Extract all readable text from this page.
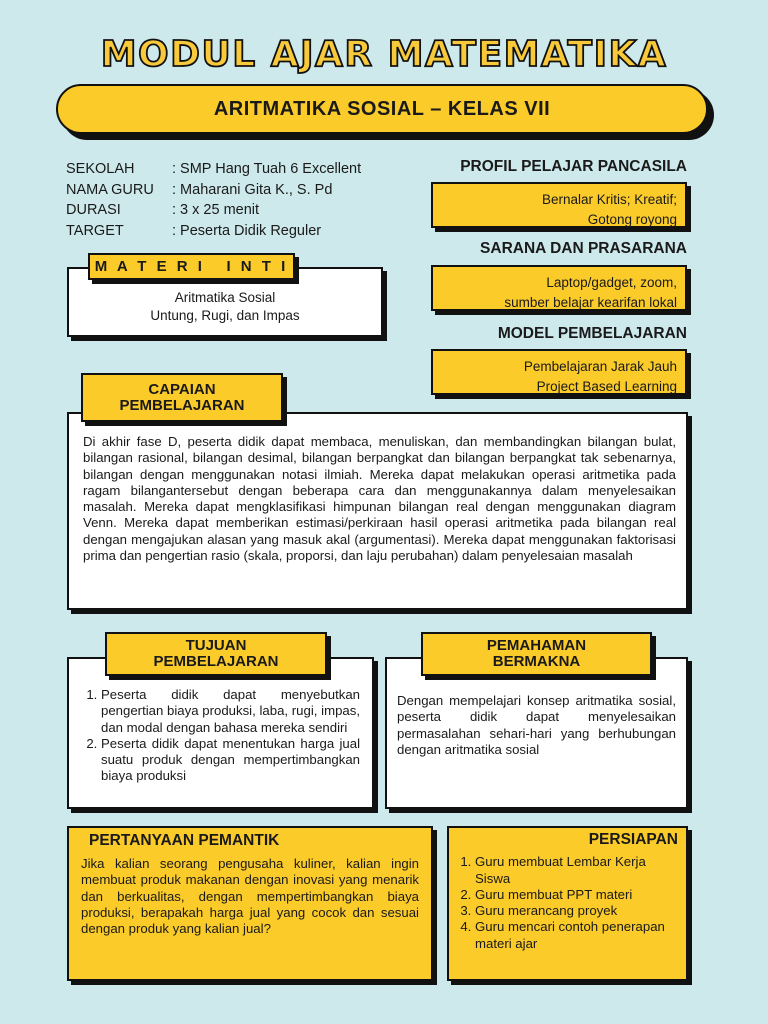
MODUL AJAR MATEMATIKA
ARITMATIKA SOSIAL – KELAS VII
SEKOLAH	: SMP Hang Tuah 6 Excellent
NAMA GURU : Maharani Gita K., S. Pd
DURASI	: 3 x 25 menit
TARGET	: Peserta Didik Reguler
Aritmatika Sosial
Untung, Rugi, dan Impas
M A T E R I   I N T I
PROFIL PELAJAR PANCASILA
Bernalar Kritis; Kreatif;
Gotong royong
SARANA DAN PRASARANA
Laptop/gadget, zoom,
sumber belajar kearifan lokal
MODEL PEMBELAJARAN
Pembelajaran Jarak Jauh
Project Based Learning
Di akhir fase D, peserta didik dapat membaca, menuliskan, dan membandingkan bilangan bulat, bilangan rasional, bilangan desimal, bilangan berpangkat dan bilangan berpangkat tak sebenarnya, bilangan dengan menggunakan notasi ilmiah. Mereka dapat melakukan operasi aritmetika pada ragam bilangantersebut dengan beberapa cara dan menggunakannya dalam menyelesaikan masalah. Mereka dapat mengklasifikasi himpunan bilangan real dengan menggunakan diagram Venn. Mereka dapat memberikan estimasi/perkiraan hasil operasi aritmetika pada bilangan real dengan mengajukan alasan yang masuk akal (argumentasi). Mereka dapat menggunakan faktorisasi prima dan pengertian rasio (skala, proporsi, dan laju perubahan) dalam penyelesaian masalah
CAPAIAN
PEMBELAJARAN
1. Peserta didik dapat menyebutkan pengertian biaya produksi, laba, rugi, impas, dan modal dengan bahasa mereka sendiri
2. Peserta didik dapat menentukan harga jual suatu produk dengan mempertimbangkan biaya produksi
TUJUAN
PEMBELAJARAN
Dengan mempelajari konsep aritmatika sosial, peserta didik dapat menyelesaikan permasalahan sehari-hari yang berhubungan dengan aritmatika sosial
PEMAHAMAN
BERMAKNA
PERTANYAAN PEMANTIK
Jika kalian seorang pengusaha kuliner, kalian ingin membuat produk makanan dengan inovasi yang menarik dan berkualitas, dengan mempertimbangkan biaya produksi, berapakah harga jual yang cocok dan sesuai dengan produk yang kalian jual?
PERSIAPAN
1. Guru membuat Lembar Kerja Siswa
2. Guru membuat PPT materi
3. Guru merancang proyek
4. Guru mencari contoh penerapan materi ajar
